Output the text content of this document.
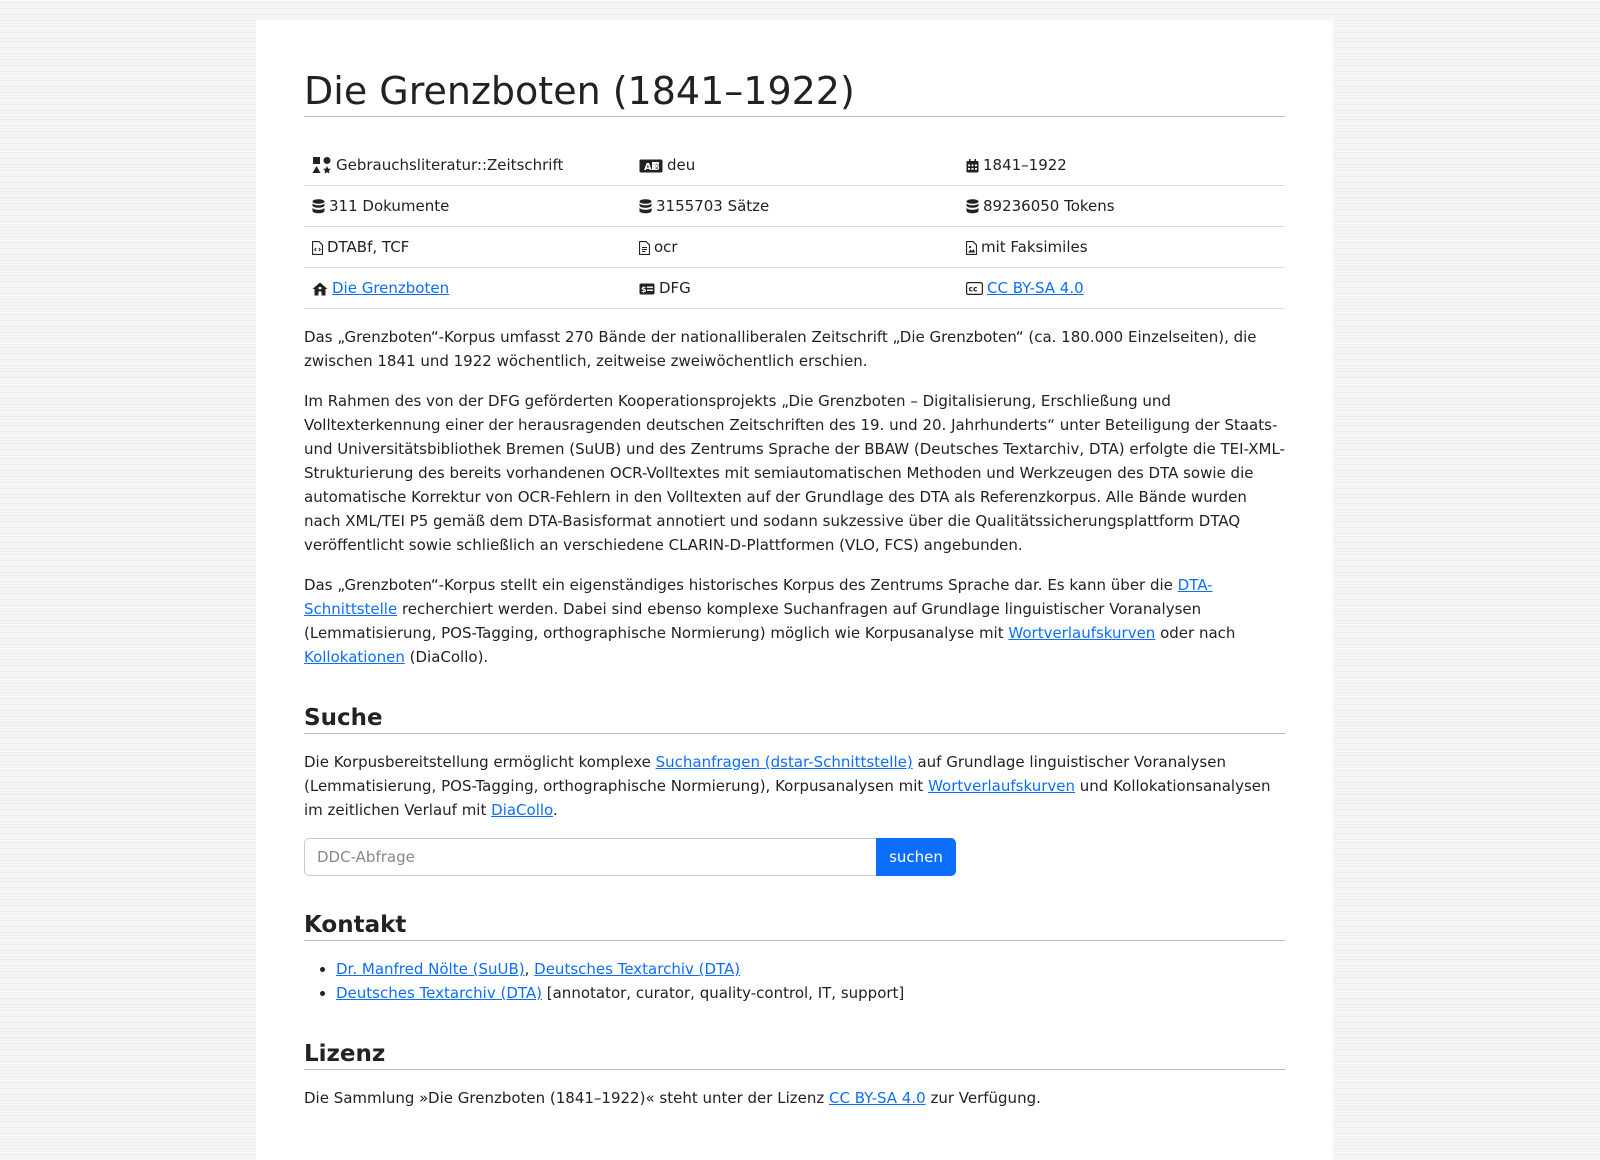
Die Grenzboten (1841–1922)
Gebrauchsliteratur::Zeitschrift	A 文 deu	1841–1922

311 Dokumente	3155703 Sätze	89236050 Tokens

DTABf, TCF	ocr	mit Faksimiles

Die Grenzboten	$ DFG	cc CC BY-SA 4.0

Das „Grenzboten“-Korpus umfasst 270 Bände der nationalliberalen Zeitschrift „Die Grenzboten“ (ca. 180.000 Einzelseiten), die zwischen 1841 und 1922 wöchentlich, zeitweise zweiwöchentlich erschien.

Im Rahmen des von der DFG geförderten Kooperationsprojekts „Die Grenzboten – Digitalisierung, Erschließung und Volltexterkennung einer der herausragenden deutschen Zeitschriften des 19. und 20. Jahrhunderts“ unter Beteiligung der Staats- und Universitätsbibliothek Bremen (SuUB) und des Zentrums Sprache der BBAW (Deutsches Textarchiv, DTA) erfolgte die TEI-XML-Strukturierung des bereits vorhandenen OCR-Volltextes mit semiautomatischen Methoden und Werkzeugen des DTA sowie die automatische Korrektur von OCR-Fehlern in den Volltexten auf der Grundlage des DTA als Referenzkorpus. Alle Bände wurden nach XML/TEI P5 gemäß dem DTA-Basisformat annotiert und sodann sukzessive über die Qualitätssicherungsplattform DTAQ veröffentlicht sowie schließlich an verschiedene CLARIN-D-Plattformen (VLO, FCS) angebunden.

Das „Grenzboten“-Korpus stellt ein eigenständiges historisches Korpus des Zentrums Sprache dar. Es kann über die DTA-Schnittstelle recherchiert werden. Dabei sind ebenso komplexe Suchanfragen auf Grundlage linguistischer Voranalysen (Lemmatisierung, POS-Tagging, orthographische Normierung) möglich wie Korpusanalyse mit Wortverlaufskurven oder nach Kollokationen (DiaCollo).

Suche

Die Korpusbereitstellung ermöglicht komplexe Suchanfragen (dstar-Schnittstelle) auf Grundlage linguistischer Voranalysen (Lemmatisierung, POS-Tagging, orthographische Normierung), Korpusanalysen mit Wortverlaufskurven und Kollokationsanalysen im zeitlichen Verlauf mit DiaCollo.

DDC-Abfrage
suchen
Kontakt
• Dr. Manfred Nölte (SuUB), Deutsches Textarchiv (DTA)
• Deutsches Textarchiv (DTA) [annotator, curator, quality-control, IT, support]
Lizenz

Die Sammlung »Die Grenzboten (1841–1922)« steht unter der Lizenz CC BY-SA 4.0 zur Verfügung.
